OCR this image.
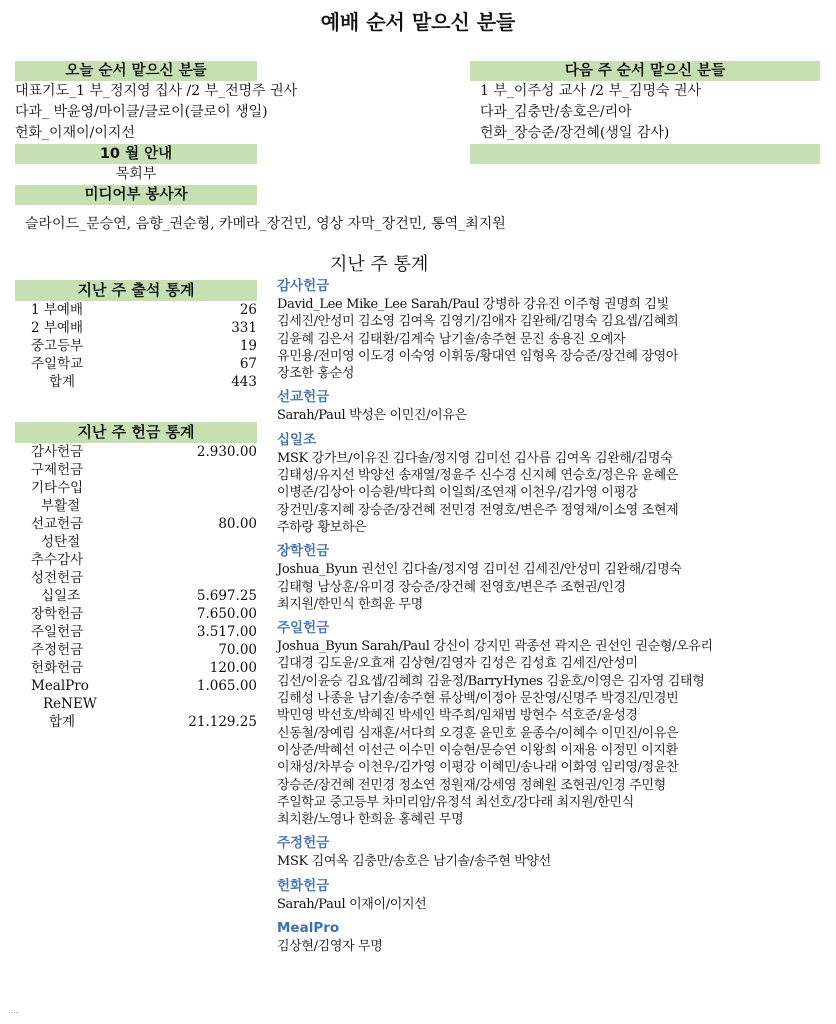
예배 순서 맡으신 분들
오늘 순서 맡으신 분들
대표기도_1 부_정지영 집사 /2 부_전명주 권사
다과_ 박윤영/마이클/클로이(클로이 생일)
헌화_이재이/이지선
10 월 안내
목회부
미디어부 봉사자
다음 주 순서 맡으신 분들
1 부_이주성 교사 /2 부_김명숙 권사
다과_김충만/송호은/리아
헌화_장승준/장건혜(생일 감사)
슬라이드_문승연, 음향_권순형, 카메라_장건민, 영상 자막_장건민, 통역_최지원
지난 주 통계
지난 주 출석 통계
1 부예배	26
2 부예배	331
중고등부	19
주일학교	67
합계	443
지난 주 헌금 통계
감사헌금	2.930.00
구제헌금
기타수입
부활절
선교헌금	80.00
성탄절
추수감사
성전헌금
십일조	5.697.25
장학헌금	7.650.00
주일헌금	3.517.00
주정헌금	70.00
헌화헌금	120.00
MealPro	1.065.00
ReNEW
합계	21.129.25
감사헌금
David_Lee Mike_Lee Sarah/Paul 강병하 강유진 이주형 권명희 김빛
김세진/안성미 김소영 김여옥 김영기/김애자 김완해/김명숙 김요셉/김혜희
김윤혜 김은서 김태환/김계숙 남기솔/송주현 문진 송용진 오예자
유민용/전미영 이도경 이숙영 이휘동/황대연 임형옥 장승준/장건혜 장영아
장조한 홍순성
선교헌금
Sarah/Paul 박성은 이민진/이유은
십일조
MSK 강가브/이유진 김다솔/정지영 김미선 김사름 김여옥 김완해/김명숙
김태성/유지선 박양선 송재열/정윤주 신수경 신지혜 연승호/정은유 윤혜은
이병준/김상아 이승환/박다희 이일희/조연재 이천우/김가영 이평강
장건민/홍지혜 장승준/장건혜 전민경 전영호/변은주 정영채/이소영 조현제
주하랑 황보하은
장학헌금
Joshua_Byun 권선인 김다솔/정지영 김미선 김세진/안성미 김완해/김명숙
김태형 남상훈/유미경 장승준/장건혜 전영호/변은주 조현권/인경
최지원/한민식 한희윤 무명
주일헌금
Joshua_Byun Sarah/Paul 강신이 강지민 곽종선 곽지은 권선인 권순형/오유리
김대경 김도윤/오효재 김상현/김영자 김성은 김성효 김세진/안성미
김선/이윤승 김요셉/김혜희 김윤정/BarryHynes 김윤호/이영은 김자영 김태형
김해성 나종윤 남기솔/송주현 류상백/이정아 문찬영/신명주 박경진/민경빈
박민영 박선호/박혜진 박세인 박주희/임채범 방현수 석호준/윤성경
신동철/장예림 심재훈/서다희 오경훈 윤민호 윤종수/이혜수 이민진/이유은
이상준/박혜선 이선근 이수민 이승현/문승연 이왕희 이재용 이정민 이지환
이채성/차부승 이천우/김가영 이평강 이혜민/송나래 이화영 임리영/정윤찬
장승준/장건혜 전민경 정소연 정원재/강세영 정혜원 조현권/인경 주민형
주일학교 중고등부 차미리암/유정석 최선호/강다래 최지원/한민식
최치환/노영나 한희윤 홍혜린 무명
주정헌금
MSK 김여옥 김충만/송호은 남기솔/송주현 박양선
헌화헌금
Sarah/Paul 이재이/이지선
MealPro
김상현/김영자 무명
....
